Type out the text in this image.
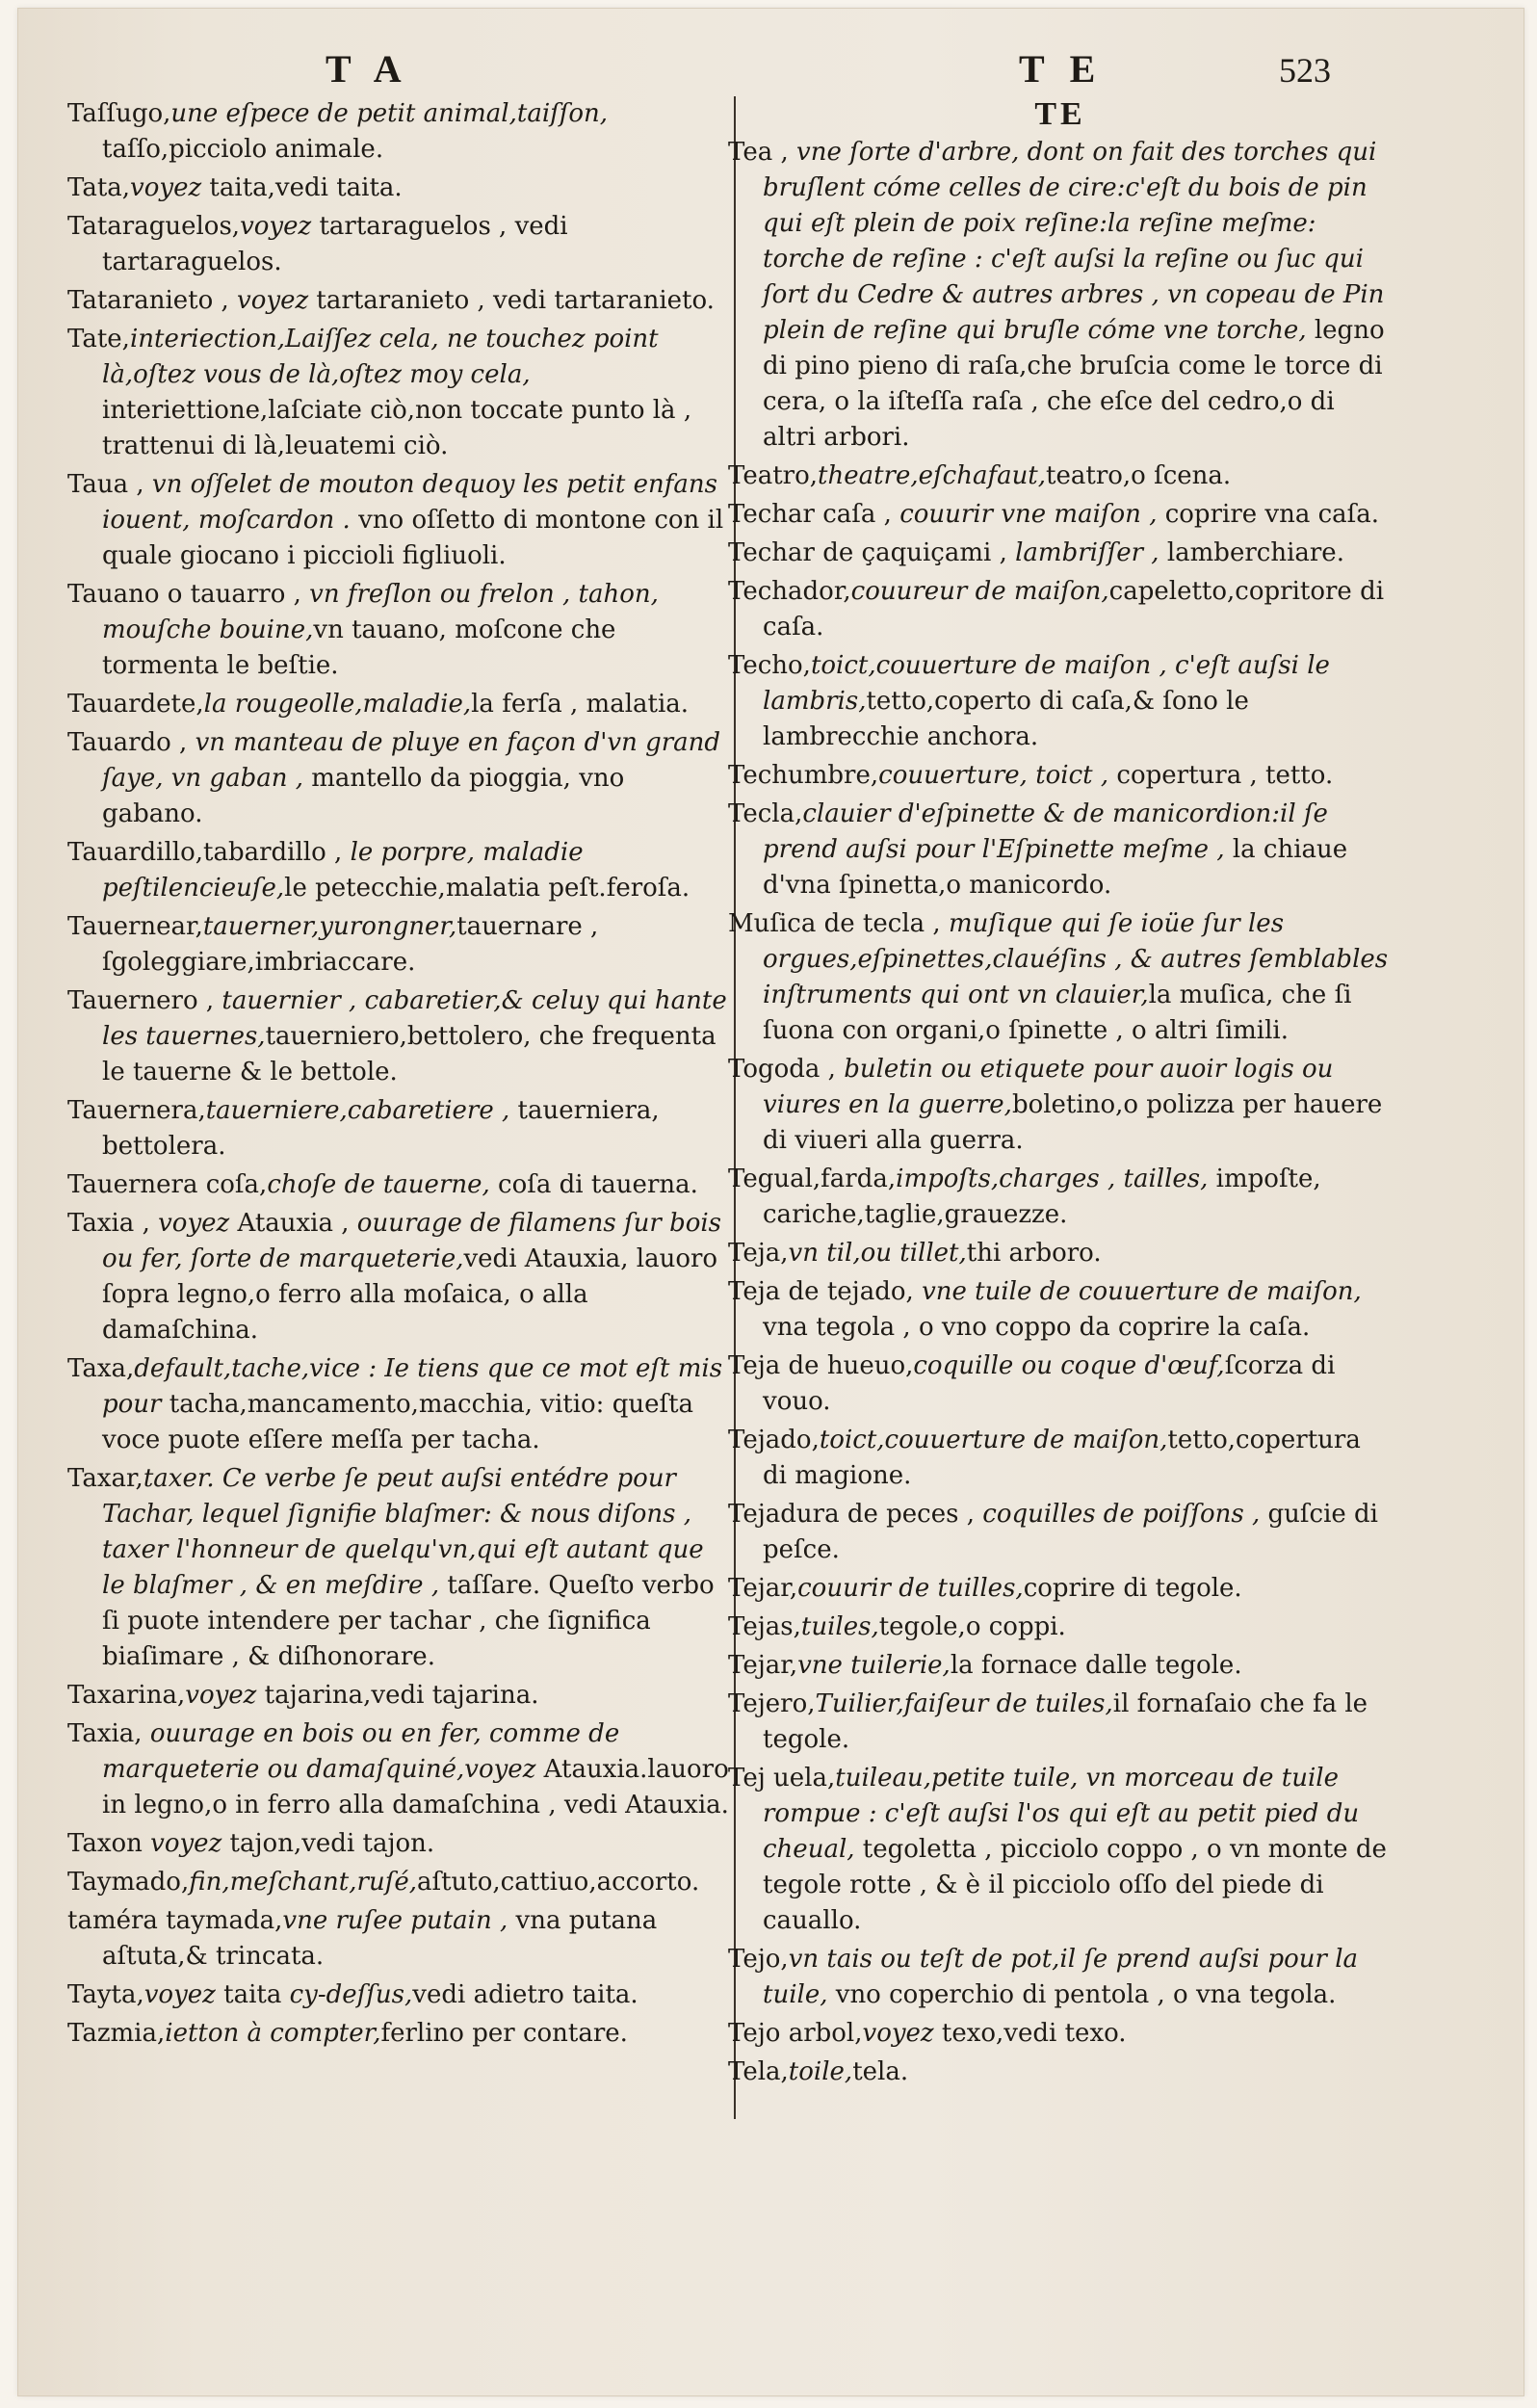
TA	TE	523

Taſſugo,une eſpece de petit animal,taiſſon, taſſo,picciolo animale.

Tata,voyez taita,vedi taita.

Tataraguelos,voyez tartaraguelos , vedi tartaraguelos.

Tataranieto , voyez tartaranieto , vedi tartaranieto.

Tate,interiection,Laiſſez cela, ne touchez point là,oſtez vous de là,oſtez moy cela, interiettione,laſciate ciò,non toccate punto là , trattenui di là,leuatemi ciò.

Taua , vn oſſelet de mouton dequoy les petit enfans iouent, moſcardon . vno oſſetto di montone con il quale giocano i piccioli figliuoli.

Tauano o tauarro , vn freſlon ou frelon , tahon, mouſche bouine,vn tauano, moſcone che tormenta le beſtie.

Tauardete,la rougeolle,maladie,la ferſa , malatia.

Tauardo , vn manteau de pluye en façon d'vn grand ſaye, vn gaban , mantello da pioggia, vno gabano.

Tauardillo,tabardillo , le porpre, maladie peſtilencieuſe,le petecchie,malatia peſt.feroſa.

Tauernear,tauerner,yurongner,tauernare , ſgoleggiare,imbriaccare.

Tauernero , tauernier , cabaretier,& celuy qui hante les tauernes,tauerniero,bettolero, che frequenta le tauerne & le bettole.

Tauernera,tauerniere,cabaretiere , tauerniera, bettolera.

Tauernera coſa,choſe de tauerne, coſa di tauerna.

Taxia , voyez Atauxia , ouurage de filamens ſur bois ou fer, ſorte de marqueterie,vedi Atauxia, lauoro ſopra legno,o ferro alla moſaica, o alla damaſchina.

Taxa,default,tache,vice : Ie tiens que ce mot eſt mis pour tacha,mancamento,macchia, vitio: queſta voce puote eſſere meſſa per tacha.

Taxar,taxer. Ce verbe ſe peut auſsi entédre pour Tachar, lequel ſignifie blaſmer: & nous diſons , taxer l'honneur de quelqu'vn,qui eſt autant que le blaſmer , & en meſdire , taſſare. Queſto verbo ſi puote intendere per tachar , che ſignifica biaſimare , & diſhonorare.

Taxarina,voyez tajarina,vedi tajarina.

Taxia, ouurage en bois ou en fer, comme de marqueterie ou damaſquiné,voyez Atauxia.lauoro in legno,o in ferro alla damaſchina , vedi Atauxia.

Taxon voyez tajon,vedi tajon.

Taymado,fin,meſchant,ruſé,aſtuto,cattiuo,accorto.

taméra taymada,vne ruſee putain , vna putana aſtuta,& trincata.

Tayta,voyez taita cy-deſſus,vedi adietro taita.

Tazmia,ietton à compter,ferlino per contare.

TE

Tea , vne ſorte d'arbre, dont on fait des torches qui bruſlent cóme celles de cire:c'eſt du bois de pin qui eſt plein de poix reſine:la reſine meſme: torche de reſine : c'eſt auſsi la reſine ou ſuc qui ſort du Cedre & autres arbres , vn copeau de Pin plein de reſine qui bruſle cóme vne torche, legno di pino pieno di raſa,che bruſcia come le torce di cera, o la iſteſſa raſa , che eſce del cedro,o di altri arbori.

Teatro,theatre,eſchafaut,teatro,o ſcena.

Techar caſa , couurir vne maiſon , coprire vna caſa.

Techar de çaquiçami , lambriſſer , lamberchiare.

Techador,couureur de maiſon,capeletto,copritore di caſa.

Techo,toict,couuerture de maiſon , c'eſt auſsi le lambris,tetto,coperto di caſa,& ſono le lambrecchie anchora.

Techumbre,couuerture, toict , copertura , tetto.

Tecla,clauier d'eſpinette & de manicordion:il ſe prend auſsi pour l'Eſpinette meſme , la chiaue d'vna ſpinetta,o manicordo.

Muſica de tecla , muſique qui ſe ioüe ſur les orgues,eſpinettes,clauéſins , & autres ſemblables inſtruments qui ont vn clauier,la muſica, che ſi ſuona con organi,o ſpinette , o altri ſimili.

Togoda , buletin ou etiquete pour auoir logis ou viures en la guerre,boletino,o polizza per hauere di viueri alla guerra.

Tegual,farda,impoſts,charges , tailles, impoſte, cariche,taglie,grauezze.

Teja,vn til,ou tillet,thi arboro.

Teja de tejado, vne tuile de couuerture de maiſon, vna tegola , o vno coppo da coprire la caſa.

Teja de hueuo,coquille ou coque d'œuf,ſcorza di vouo.

Tejado,toict,couuerture de maiſon,tetto,copertura di magione.

Tejadura de peces , coquilles de poiſſons , guſcie di peſce.

Tejar,couurir de tuilles,coprire di tegole.

Tejas,tuiles,tegole,o coppi.

Tejar,vne tuilerie,la fornace dalle tegole.

Tejero,Tuilier,faiſeur de tuiles,il fornaſaio che fa le tegole.

Tej uela,tuileau,petite tuile, vn morceau de tuile rompue : c'eſt auſsi l'os qui eſt au petit pied du cheual, tegoletta , picciolo coppo , o vn monte de tegole rotte , & è il picciolo oſſo del piede di cauallo.

Tejo,vn tais ou teſt de pot,il ſe prend auſsi pour la tuile, vno coperchio di pentola , o vna tegola.

Tejo arbol,voyez texo,vedi texo.

Tela,toile,tela.
